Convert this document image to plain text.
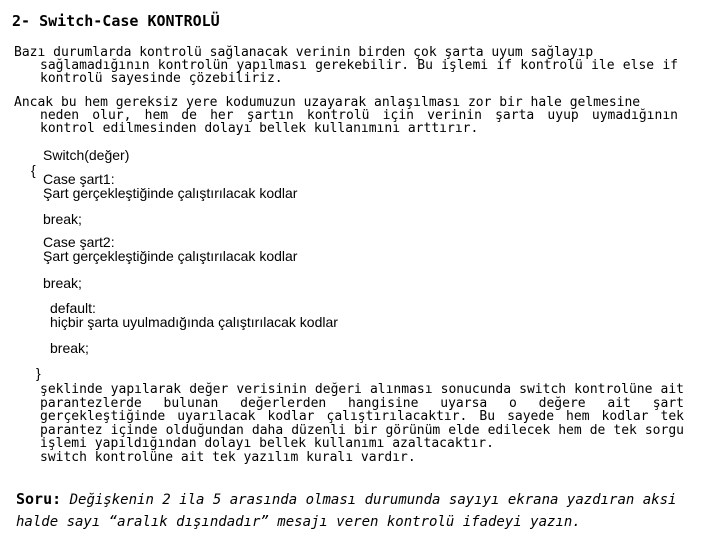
2- Switch-Case KONTROLÜ
Bazı durumlarda kontrolü sağlanacak verinin birden çok şarta uyum sağlayıp
sağlamadığının kontrolün yapılması gerekebilir. Bu işlemi if kontrolü ile else if kontrolü sayesinde çözebiliriz.
Ancak bu hem gereksiz yere kodumuzun uzayarak anlaşılması zor bir hale gelmesine
neden olur, hem de her şartın kontrolü için verinin şarta uyup uymadığının kontrol edilmesinden dolayı bellek kullanımını arttırır.
Switch(değer)
{
Case şart1:
Şart gerçekleştiğinde çalıştırılacak kodlar
break;
Case şart2:
Şart gerçekleştiğinde çalıştırılacak kodlar
break;
default:
hiçbir şarta uyulmadığında çalıştırılacak kodlar
break;
}
şeklinde yapılarak değer verisinin değeri alınması sonucunda switch kontrolüne ait parantezlerde bulunan değerlerden hangisine uyarsa o değere ait şart gerçekleştiğinde uyarılacak kodlar çalıştırılacaktır. Bu sayede hem kodlar tek parantez içinde olduğundan daha düzenli bir görünüm elde edilecek hem de tek sorgu işlemi yapıldığından dolayı bellek kullanımı azaltacaktır.
switch kontrolüne ait tek yazılım kuralı vardır.
Soru: Değişkenin 2 ila 5 arasında olması durumunda sayıyı ekrana yazdıran aksi halde sayı “aralık dışındadır” mesajı veren kontrolü ifadeyi yazın.
